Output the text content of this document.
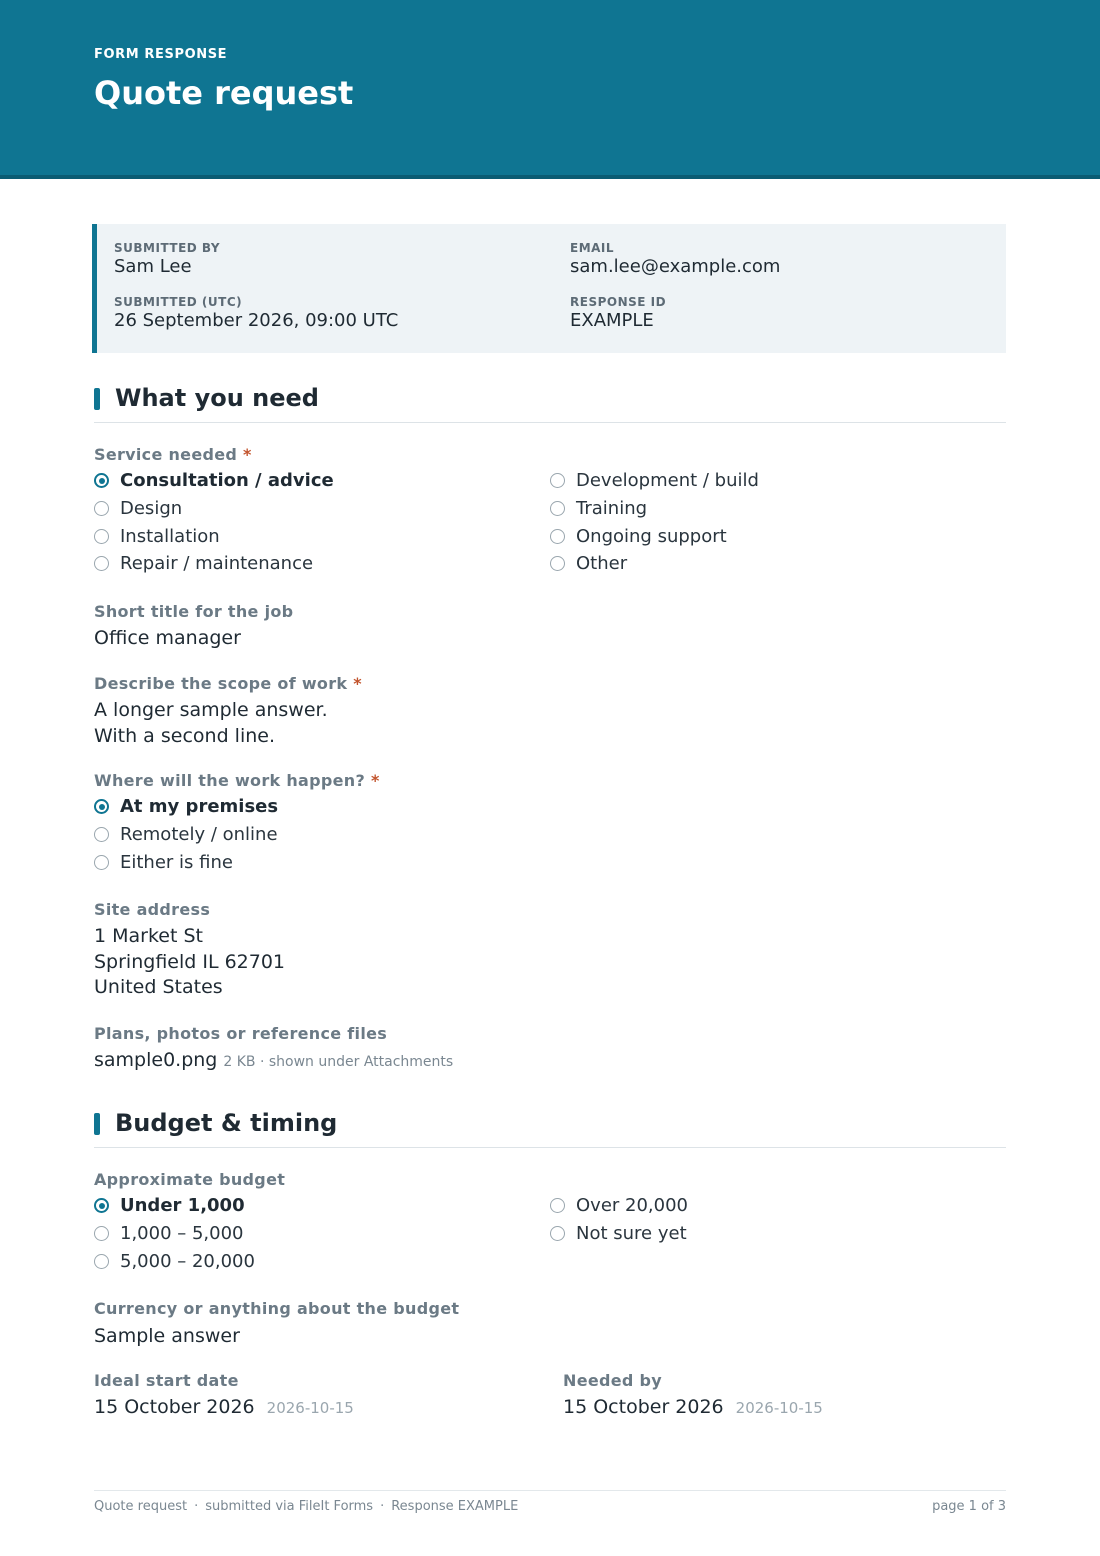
FORM RESPONSE
Quote request
SUBMITTED BY
Sam Lee
EMAIL
sam.lee@example.com
SUBMITTED (UTC)
26 September 2026, 09:00 UTC
RESPONSE ID
EXAMPLE
What you need
Service needed *
Consultation / advice
Design
Installation
Repair / maintenance
Development / build
Training
Ongoing support
Other
Short title for the job
Office manager
Describe the scope of work *
A longer sample answer.
With a second line.
Where will the work happen? *
At my premises
Remotely / online
Either is fine
Site address
1 Market St
Springfield IL 62701
United States
Plans, photos or reference files
sample0.png 2 KB · shown under Attachments
Budget & timing
Approximate budget
Under 1,000
1,000 – 5,000
5,000 – 20,000
Over 20,000
Not sure yet
Currency or anything about the budget
Sample answer
Ideal start date
15 October 2026 2026-10-15
Needed by
15 October 2026 2026-10-15
Quote request · submitted via FileIt Forms · Response EXAMPLE	page 1 of 3
